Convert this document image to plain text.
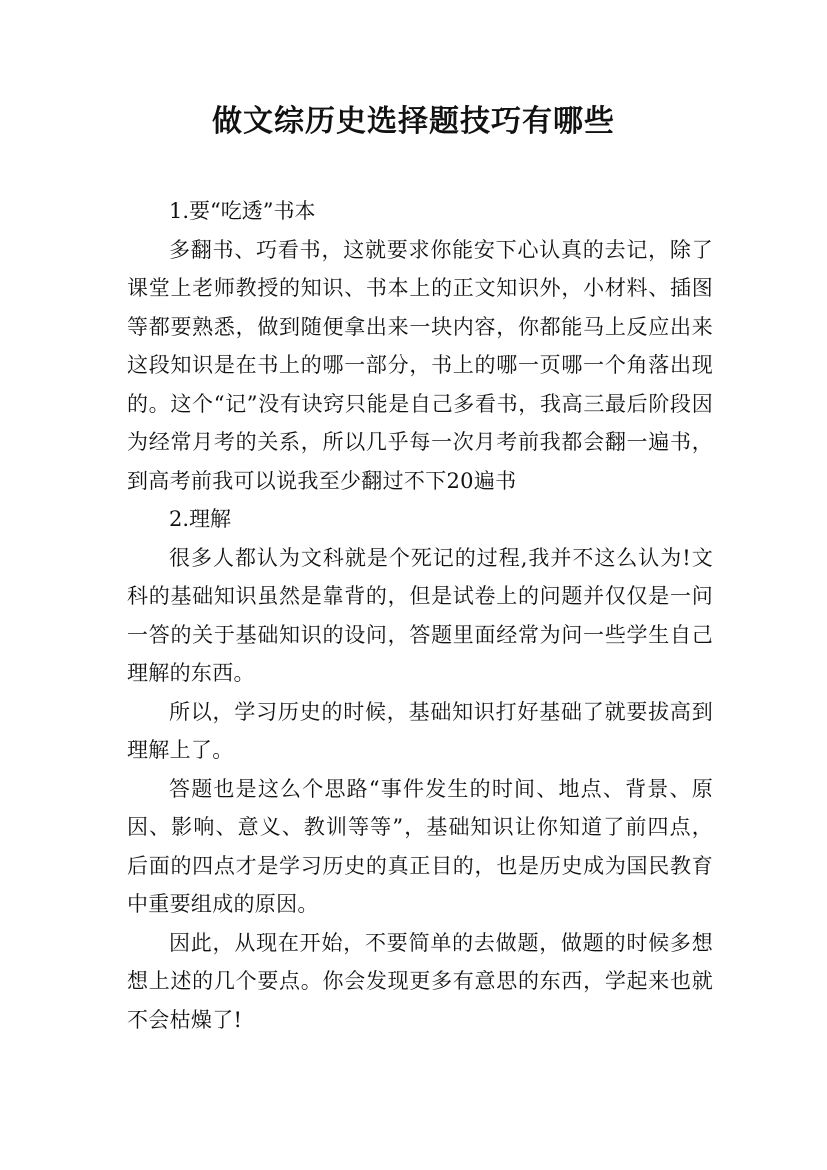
做文综历史选择题技巧有哪些

1.要“吃透”书本

多翻书、巧看书，这就要求你能安下心认真的去记，除了课堂上老师教授的知识、书本上的正文知识外，小材料、插图等都要熟悉，做到随便拿出来一块内容，你都能马上反应出来这段知识是在书上的哪一部分，书上的哪一页哪一个角落出现的。这个“记”没有诀窍只能是自己多看书，我高三最后阶段因为经常月考的关系，所以几乎每一次月考前我都会翻一遍书，到高考前我可以说我至少翻过不下20遍书

2.理解

很多人都认为文科就是个死记的过程,我并不这么认为!文科的基础知识虽然是靠背的，但是试卷上的问题并仅仅是一问一答的关于基础知识的设问，答题里面经常为问一些学生自己理解的东西。

所以，学习历史的时候，基础知识打好基础了就要拔高到理解上了。

答题也是这么个思路“事件发生的时间、地点、背景、原因、影响、意义、教训等等”，基础知识让你知道了前四点，后面的四点才是学习历史的真正目的，也是历史成为国民教育中重要组成的原因。

因此，从现在开始，不要简单的去做题，做题的时候多想想上述的几个要点。你会发现更多有意思的东西，学起来也就不会枯燥了!
